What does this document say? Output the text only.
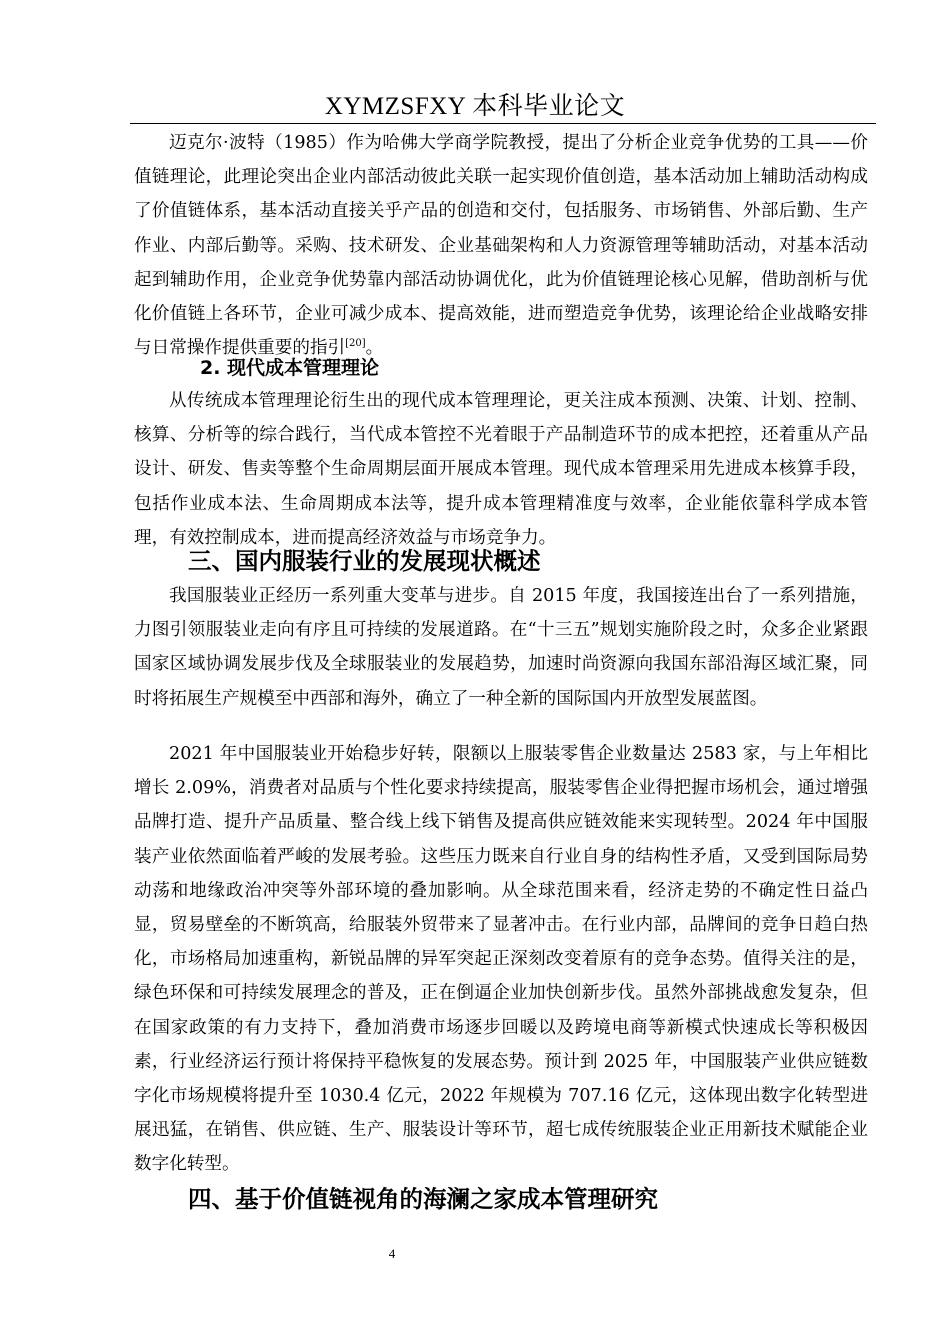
XYMZSFXY 本科毕业论文

迈克尔·波特（1985）作为哈佛大学商学院教授，提出了分析企业竞争优势的工具——价值链理论，此理论突出企业内部活动彼此关联一起实现价值创造，基本活动加上辅助活动构成了价值链体系，基本活动直接关乎产品的创造和交付，包括服务、市场销售、外部后勤、生产作业、内部后勤等。采购、技术研发、企业基础架构和人力资源管理等辅助活动，对基本活动起到辅助作用，企业竞争优势靠内部活动协调优化，此为价值链理论核心见解，借助剖析与优化价值链上各环节，企业可减少成本、提高效能，进而塑造竞争优势，该理论给企业战略安排与日常操作提供重要的指引[20]。

2. 现代成本管理理论

从传统成本管理理论衍生出的现代成本管理理论，更关注成本预测、决策、计划、控制、核算、分析等的综合践行，当代成本管控不光着眼于产品制造环节的成本把控，还着重从产品设计、研发、售卖等整个生命周期层面开展成本管理。现代成本管理采用先进成本核算手段，包括作业成本法、生命周期成本法等，提升成本管理精准度与效率，企业能依靠科学成本管理，有效控制成本，进而提高经济效益与市场竞争力。

三、国内服装行业的发展现状概述

我国服装业正经历一系列重大变革与进步。自 2015 年度，我国接连出台了一系列措施，力图引领服装业走向有序且可持续的发展道路。在“十三五”规划实施阶段之时，众多企业紧跟国家区域协调发展步伐及全球服装业的发展趋势，加速时尚资源向我国东部沿海区域汇聚，同时将拓展生产规模至中西部和海外，确立了一种全新的国际国内开放型发展蓝图。

2021 年中国服装业开始稳步好转，限额以上服装零售企业数量达 2583 家，与上年相比增长 2.09%，消费者对品质与个性化要求持续提高，服装零售企业得把握市场机会，通过增强品牌打造、提升产品质量、整合线上线下销售及提高供应链效能来实现转型。2024 年中国服装产业依然面临着严峻的发展考验。这些压力既来自行业自身的结构性矛盾，又受到国际局势动荡和地缘政治冲突等外部环境的叠加影响。从全球范围来看，经济走势的不确定性日益凸显，贸易壁垒的不断筑高，给服装外贸带来了显著冲击。在行业内部，品牌间的竞争日趋白热化，市场格局加速重构，新锐品牌的异军突起正深刻改变着原有的竞争态势。值得关注的是，绿色环保和可持续发展理念的普及，正在倒逼企业加快创新步伐。虽然外部挑战愈发复杂，但在国家政策的有力支持下，叠加消费市场逐步回暖以及跨境电商等新模式快速成长等积极因素，行业经济运行预计将保持平稳恢复的发展态势。预计到 2025 年，中国服装产业供应链数字化市场规模将提升至 1030.4 亿元，2022 年规模为 707.16 亿元，这体现出数字化转型进展迅猛，在销售、供应链、生产、服装设计等环节，超七成传统服装企业正用新技术赋能企业数字化转型。

四、基于价值链视角的海澜之家成本管理研究
4
